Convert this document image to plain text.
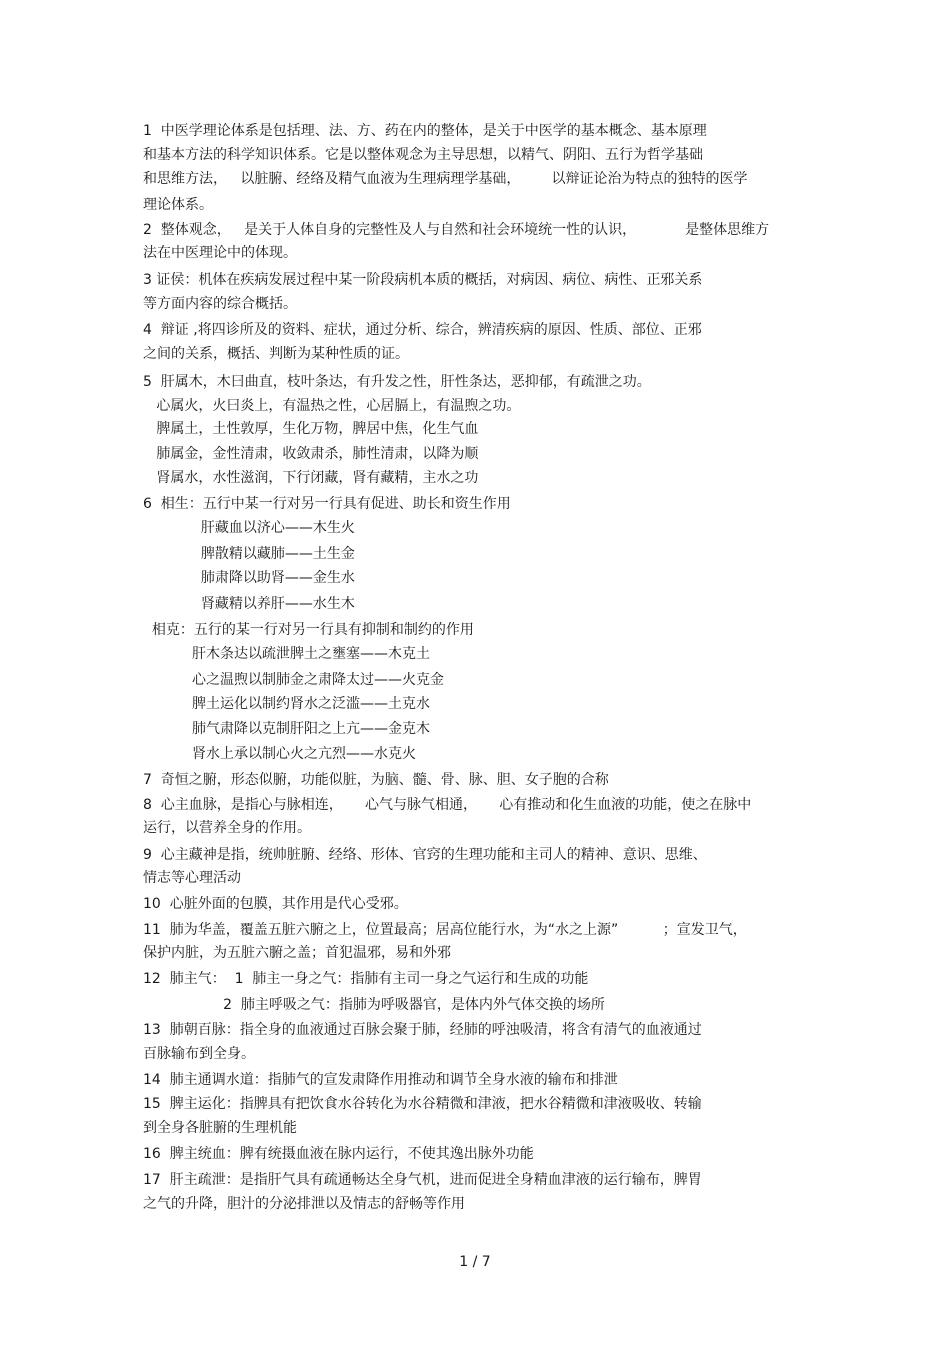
1  中医学理论体系是包括理、法、方、药在内的整体，是关于中医学的基本概念、基本原理
和基本方法的科学知识体系。它是以整体观念为主导思想，以精气、阴阳、五行为哲学基础
和思维方法，   以脏腑、经络及精气血液为生理病理学基础，       以辩证论治为特点的独特的医学
理论体系。
2  整体观念，   是关于人体自身的完整性及人与自然和社会环境统一性的认识，           是整体思维方
法在中医理论中的体现。
3 证侯：机体在疾病发展过程中某一阶段病机本质的概括，对病因、病位、病性、正邪关系
等方面内容的综合概括。
4  辩证 ,将四诊所及的资料、症状，通过分析、综合，辨清疾病的原因、性质、部位、正邪
之间的关系，概括、判断为某种性质的证。
5  肝属木，木曰曲直，枝叶条达，有升发之性，肝性条达，恶抑郁，有疏泄之功。
心属火，火曰炎上，有温热之性，心居膈上，有温煦之功。
脾属土，土性敦厚，生化万物，脾居中焦，化生气血
肺属金，金性清肃，收敛肃杀，肺性清肃，以降为顺
肾属水，水性滋润，下行闭藏，肾有藏精，主水之功
6  相生：五行中某一行对另一行具有促进、助长和资生作用
肝藏血以济心——木生火
脾散精以藏肺——土生金
肺肃降以助肾——金生水
肾藏精以养肝——水生木
相克：五行的某一行对另一行具有抑制和制约的作用
肝木条达以疏泄脾土之壅塞——木克土
心之温煦以制肺金之肃降太过——火克金
脾土运化以制约肾水之泛滥——土克水
肺气肃降以克制肝阳之上亢——金克木
肾水上承以制心火之亢烈——水克火
7  奇恒之腑，形态似腑，功能似脏，为脑、髓、骨、脉、胆、女子胞的合称
8  心主血脉，是指心与脉相连，     心气与脉气相通，     心有推动和化生血液的功能，使之在脉中
运行，以营养全身的作用。
9  心主藏神是指，统帅脏腑、经络、形体、官窍的生理功能和主司人的精神、意识、思维、
情志等心理活动
10  心脏外面的包膜，其作用是代心受邪。
11  肺为华盖，覆盖五脏六腑之上，位置最高；居高位能行水，为“水之上源”          ；宣发卫气，
保护内脏，为五脏六腑之盖；首犯温邪，易和外邪
12  肺主气：  1  肺主一身之气：指肺有主司一身之气运行和生成的功能
2  肺主呼吸之气：指肺为呼吸器官，是体内外气体交换的场所
13  肺朝百脉：指全身的血液通过百脉会聚于肺，经肺的呼浊吸清，将含有清气的血液通过
百脉输布到全身。
14  肺主通调水道：指肺气的宣发肃降作用推动和调节全身水液的输布和排泄
15  脾主运化：指脾具有把饮食水谷转化为水谷精微和津液，把水谷精微和津液吸收、转输
到全身各脏腑的生理机能
16  脾主统血：脾有统摄血液在脉内运行，不使其逸出脉外功能
17  肝主疏泄：是指肝气具有疏通畅达全身气机，进而促进全身精血津液的运行输布，脾胃
之气的升降，胆汁的分泌排泄以及情志的舒畅等作用
1 / 7
